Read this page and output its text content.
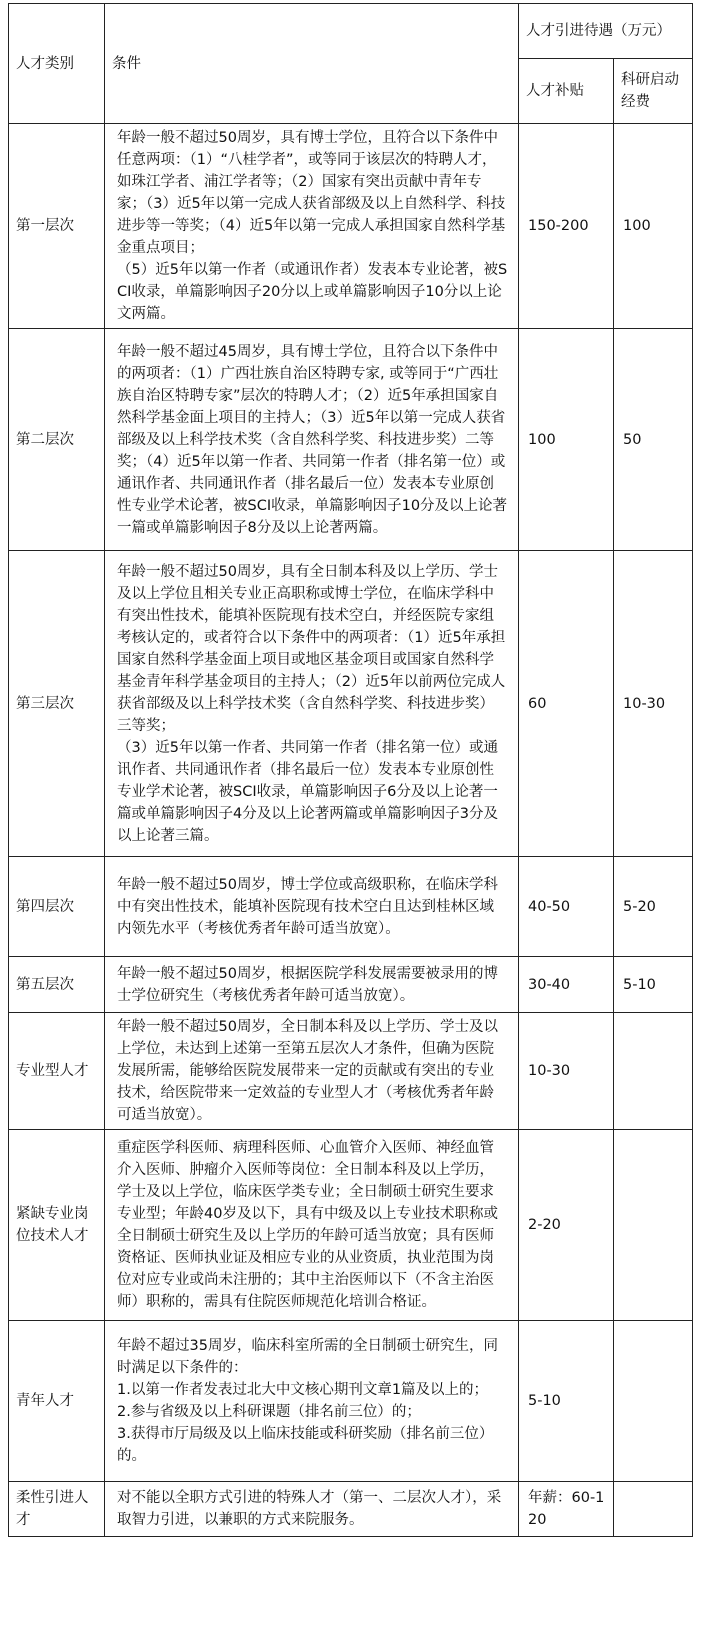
人才类别	条件	人才引进待遇（万元）	
		人才补贴	科研启动经费
第一层次	年龄一般不超过50周岁，具有博士学位，且符合以下条件中任意两项：（1）“八桂学者”，或等同于该层次的特聘人才，如珠江学者、浦江学者等；（2）国家有突出贡献中青年专家；（3）近5年以第一完成人获省部级及以上自然科学、科技进步等一等奖；（4）近5年以第一完成人承担国家自然科学基金重点项目；
（5）近5年以第一作者（或通讯作者）发表本专业论著，被SCI收录，单篇影响因子20分以上或单篇影响因子10分以上论文两篇。	150-200	100
第二层次	年龄一般不超过45周岁，具有博士学位，且符合以下条件中的两项者：（1）广西壮族自治区特聘专家, 或等同于“广西壮族自治区特聘专家”层次的特聘人才；（2）近5年承担国家自然科学基金面上项目的主持人；（3）近5年以第一完成人获省部级及以上科学技术奖（含自然科学奖、科技进步奖）二等奖；（4）近5年以第一作者、共同第一作者（排名第一位）或通讯作者、共同通讯作者（排名最后一位）发表本专业原创性专业学术论著，被SCI收录，单篇影响因子10分及以上论著一篇或单篇影响因子8分及以上论著两篇。	100	50
第三层次	年龄一般不超过50周岁，具有全日制本科及以上学历、学士及以上学位且相关专业正高职称或博士学位，在临床学科中有突出性技术，能填补医院现有技术空白，并经医院专家组考核认定的，或者符合以下条件中的两项者：（1）近5年承担国家自然科学基金面上项目或地区基金项目或国家自然科学基金青年科学基金项目的主持人；（2）近5年以前两位完成人获省部级及以上科学技术奖（含自然科学奖、科技进步奖）三等奖；
（3）近5年以第一作者、共同第一作者（排名第一位）或通讯作者、共同通讯作者（排名最后一位）发表本专业原创性专业学术论著，被SCI收录，单篇影响因子6分及以上论著一篇或单篇影响因子4分及以上论著两篇或单篇影响因子3分及以上论著三篇。	60	10-30
第四层次	年龄一般不超过50周岁，博士学位或高级职称，在临床学科中有突出性技术，能填补医院现有技术空白且达到桂林区域内领先水平（考核优秀者年龄可适当放宽）。	40-50	5-20
第五层次	年龄一般不超过50周岁，根据医院学科发展需要被录用的博士学位研究生（考核优秀者年龄可适当放宽）。	30-40	5-10
专业型人才	年龄一般不超过50周岁，全日制本科及以上学历、学士及以上学位，未达到上述第一至第五层次人才条件，但确为医院发展所需，能够给医院发展带来一定的贡献或有突出的专业技术，给医院带来一定效益的专业型人才（考核优秀者年龄可适当放宽）。	10-30	
紧缺专业岗位技术人才	重症医学科医师、病理科医师、心血管介入医师、神经血管介入医师、肿瘤介入医师等岗位：全日制本科及以上学历，学士及以上学位，临床医学类专业；全日制硕士研究生要求专业型；年龄40岁及以下，具有中级及以上专业技术职称或全日制硕士研究生及以上学历的年龄可适当放宽；具有医师资格证、医师执业证及相应专业的从业资质，执业范围为岗位对应专业或尚未注册的；其中主治医师以下（不含主治医师）职称的，需具有住院医师规范化培训合格证。	2-20	
青年人才	年龄不超过35周岁，临床科室所需的全日制硕士研究生，同时满足以下条件的：
1.以第一作者发表过北大中文核心期刊文章1篇及以上的；
2.参与省级及以上科研课题（排名前三位）的；
3.获得市厅局级及以上临床技能或科研奖励（排名前三位）的。	5-10	
柔性引进人才	对不能以全职方式引进的特殊人才（第一、二层次人才），采取智力引进，以兼职的方式来院服务。	年薪：60-120	
